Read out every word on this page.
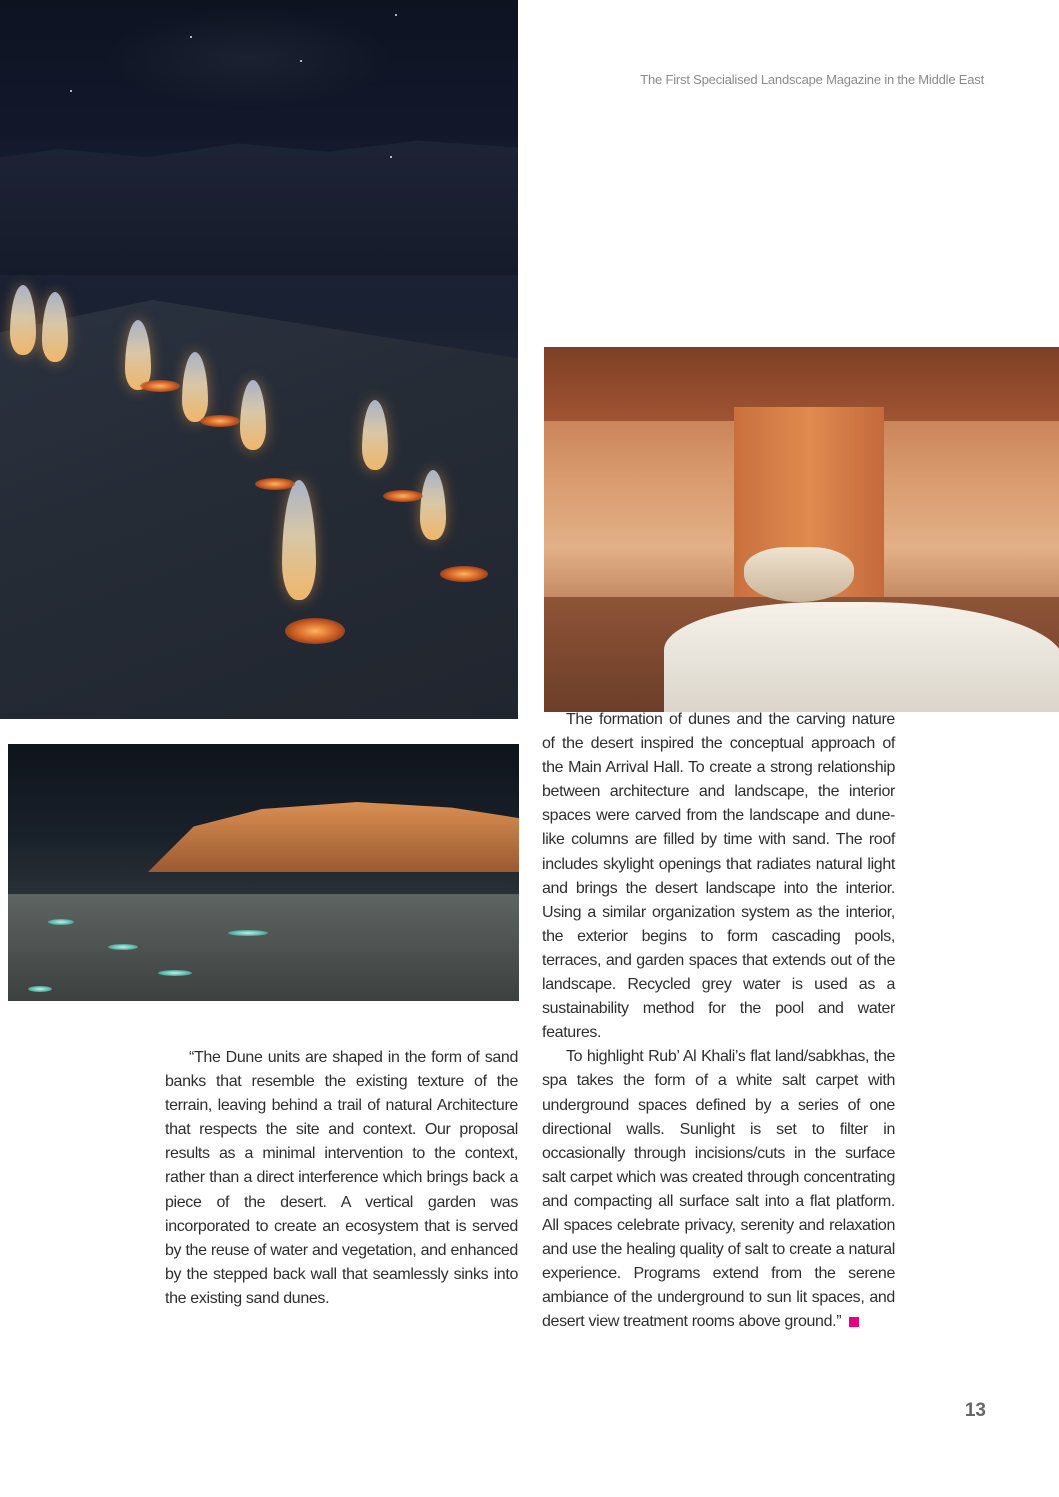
The First Specialised Landscape Magazine in the Middle East

“The Dune units are shaped in the form of sand banks that resemble the existing texture of the terrain, leaving behind a trail of natural Architecture that respects the site and context. Our proposal results as a minimal intervention to the context, rather than a direct interference which brings back a piece of the desert. A vertical garden was incorporated to create an ecosystem that is served by the reuse of water and vegetation, and enhanced by the stepped back wall that seamlessly sinks into the existing sand dunes.

The formation of dunes and the carving nature of the desert inspired the conceptual approach of the Main Arrival Hall. To create a strong relationship between architecture and landscape, the interior spaces were carved from the landscape and dune-like columns are filled by time with sand. The roof includes skylight openings that radiates natural light and brings the desert landscape into the interior. Using a similar organization system as the interior, the exterior begins to form cascading pools, terraces, and garden spaces that extends out of the landscape. Recycled grey water is used as a sustainability method for the pool and water features.

To highlight Rub’ Al Khali’s flat land/sabkhas, the spa takes the form of a white salt carpet with underground spaces defined by a series of one directional walls. Sunlight is set to filter in occasionally through incisions/cuts in the surface salt carpet which was created through concentrating and compacting all surface salt into a flat platform. All spaces celebrate privacy, serenity and relaxation and use the healing quality of salt to create a natural experience. Programs extend from the serene ambiance of the underground to sun lit spaces, and desert view treatment rooms above ground.”

13
